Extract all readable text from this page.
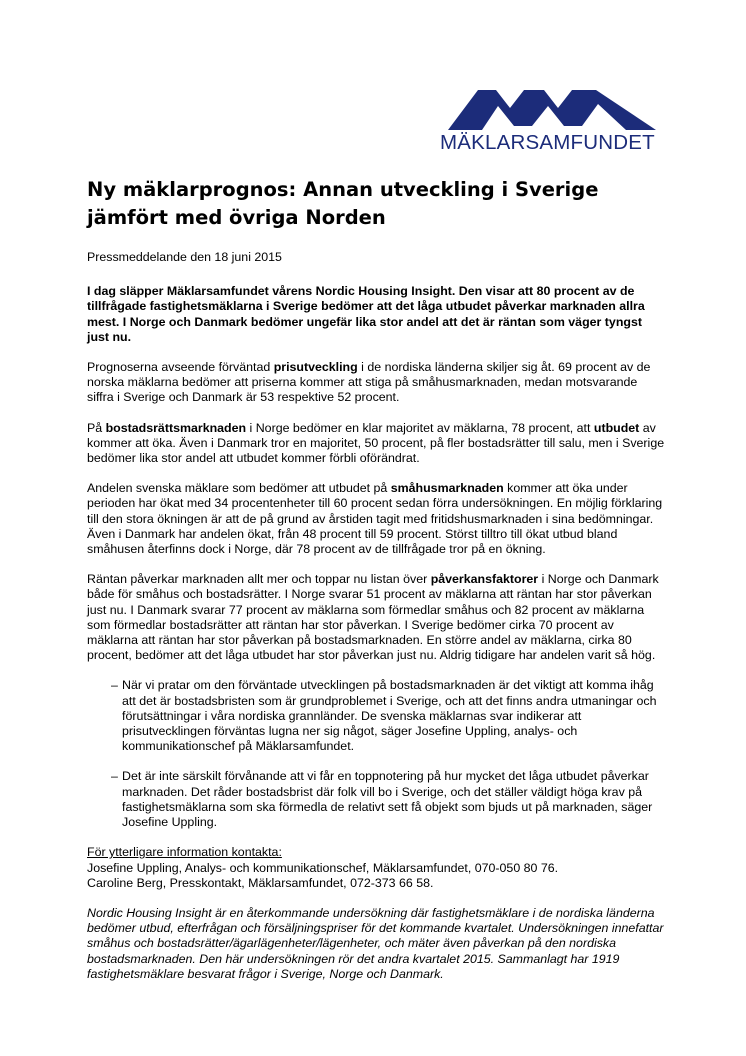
MÄKLARSAMFUNDET
Ny mäklarprognos: Annan utveckling i Sverige jämfört med övriga Norden

Pressmeddelande den 18 juni 2015

I dag släpper Mäklarsamfundet vårens Nordic Housing Insight. Den visar att 80 procent av de tillfrågade fastighetsmäklarna i Sverige bedömer att det låga utbudet påverkar marknaden allra mest. I Norge och Danmark bedömer ungefär lika stor andel att det är räntan som väger tyngst just nu.

Prognoserna avseende förväntad prisutveckling i de nordiska länderna skiljer sig åt. 69 procent av de norska mäklarna bedömer att priserna kommer att stiga på småhusmarknaden, medan motsvarande siffra i Sverige och Danmark är 53 respektive 52 procent.

På bostadsrättsmarknaden i Norge bedömer en klar majoritet av mäklarna, 78 procent, att utbudet av kommer att öka. Även i Danmark tror en majoritet, 50 procent, på fler bostadsrätter till salu, men i Sverige bedömer lika stor andel att utbudet kommer förbli oförändrat.

Andelen svenska mäklare som bedömer att utbudet på småhusmarknaden kommer att öka under perioden har ökat med 34 procentenheter till 60 procent sedan förra undersökningen. En möjlig förklaring till den stora ökningen är att de på grund av årstiden tagit med fritidshusmarknaden i sina bedömningar. Även i Danmark har andelen ökat, från 48 procent till 59 procent. Störst tilltro till ökat utbud bland småhusen återfinns dock i Norge, där 78 procent av de tillfrågade tror på en ökning.

Räntan påverkar marknaden allt mer och toppar nu listan över påverkansfaktorer i Norge och Danmark både för småhus och bostadsrätter. I Norge svarar 51 procent av mäklarna att räntan har stor påverkan just nu. I Danmark svarar 77 procent av mäklarna som förmedlar småhus och 82 procent av mäklarna som förmedlar bostadsrätter att räntan har stor påverkan. I Sverige bedömer cirka 70 procent av mäklarna att räntan har stor påverkan på bostadsmarknaden. En större andel av mäklarna, cirka 80 procent, bedömer att det låga utbudet har stor påverkan just nu. Aldrig tidigare har andelen varit så hög.

– När vi pratar om den förväntade utvecklingen på bostadsmarknaden är det viktigt att komma ihåg att det är bostadsbristen som är grundproblemet i Sverige, och att det finns andra utmaningar och förutsättningar i våra nordiska grannländer. De svenska mäklarnas svar indikerar att prisutvecklingen förväntas lugna ner sig något, säger Josefine Uppling, analys- och kommunikationschef på Mäklarsamfundet.

– Det är inte särskilt förvånande att vi får en toppnotering på hur mycket det låga utbudet påverkar marknaden. Det råder bostadsbrist där folk vill bo i Sverige, och det ställer väldigt höga krav på fastighetsmäklarna som ska förmedla de relativt sett få objekt som bjuds ut på marknaden, säger Josefine Uppling.

För ytterligare information kontakta:

Josefine Uppling, Analys- och kommunikationschef, Mäklarsamfundet, 070-050 80 76.

Caroline Berg, Presskontakt, Mäklarsamfundet, 072-373 66 58.

Nordic Housing Insight är en återkommande undersökning där fastighetsmäklare i de nordiska länderna bedömer utbud, efterfrågan och försäljningspriser för det kommande kvartalet. Undersökningen innefattar småhus och bostadsrätter/ägarlägenheter/lägenheter, och mäter även påverkan på den nordiska bostadsmarknaden. Den här undersökningen rör det andra kvartalet 2015. Sammanlagt har 1919 fastighetsmäklare besvarat frågor i Sverige, Norge och Danmark.
